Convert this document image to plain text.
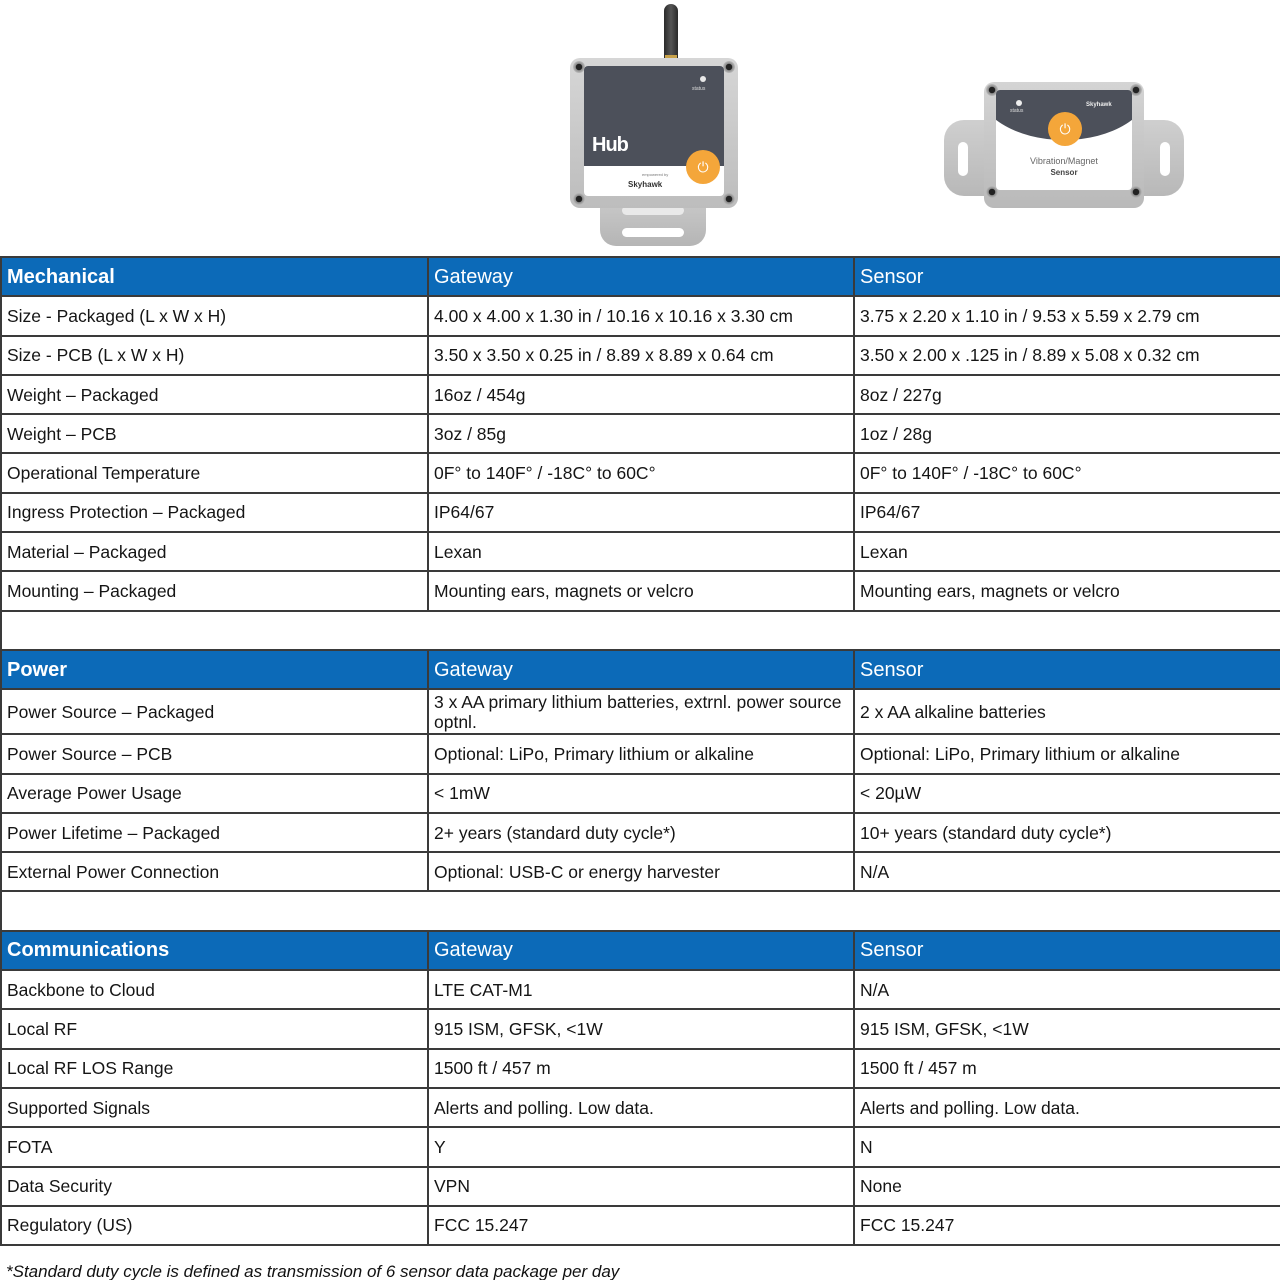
status
Hub
⏻
empowered by
Skyhawk
status
Skyhawk
⏻
Vibration/Magnet
Sensor
Mechanical	Gateway	Sensor
Size - Packaged (L x W x H)	4.00 x 4.00 x 1.30 in / 10.16 x 10.16 x 3.30 cm	3.75 x 2.20 x 1.10 in / 9.53 x 5.59 x 2.79 cm
Size - PCB (L x W x H)	3.50 x 3.50 x 0.25 in / 8.89 x 8.89 x 0.64 cm	3.50 x 2.00 x .125 in / 8.89 x 5.08 x 0.32 cm
Weight – Packaged	16oz / 454g	8oz / 227g
Weight – PCB	3oz / 85g	1oz / 28g
Operational Temperature	0F° to 140F° / -18C° to 60C°	0F° to 140F° / -18C° to 60C°
Ingress Protection – Packaged	IP64/67	IP64/67
Material – Packaged	Lexan	Lexan
Mounting – Packaged	Mounting ears, magnets or velcro	Mounting ears, magnets or velcro

Power	Gateway	Sensor
Power Source – Packaged	3 x AA primary lithium batteries, extrnl. power source optnl.	2 x AA alkaline batteries
Power Source – PCB	Optional: LiPo, Primary lithium or alkaline	Optional: LiPo, Primary lithium or alkaline
Average Power Usage	< 1mW	< 20µW
Power Lifetime – Packaged	2+ years (standard duty cycle*)	10+ years (standard duty cycle*)
External Power Connection	Optional: USB-C or energy harvester	N/A

Communications	Gateway	Sensor
Backbone to Cloud	LTE CAT-M1	N/A
Local RF	915 ISM, GFSK, <1W	915 ISM, GFSK, <1W
Local RF LOS Range	1500 ft / 457 m	1500 ft / 457 m
Supported Signals	Alerts and polling. Low data.	Alerts and polling. Low data.
FOTA	Y	N
Data Security	VPN	None
Regulatory (US)	FCC 15.247	FCC 15.247
*Standard duty cycle is defined as transmission of 6 sensor data package per day
